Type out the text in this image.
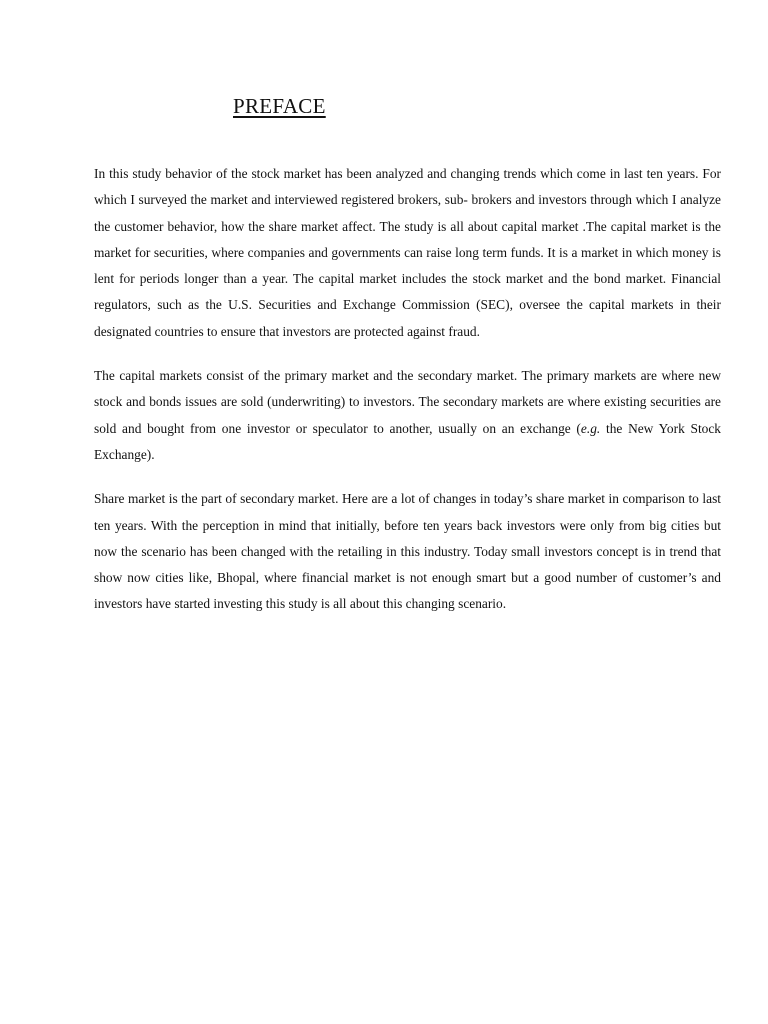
PREFACE

In this study behavior of the stock market has been analyzed and changing trends which come in last ten years. For which I surveyed the market and interviewed registered brokers, sub- brokers and investors through which I analyze the customer behavior, how the share market affect. The study is all about capital market .The capital market is the market for securities, where companies and governments can raise long term funds. It is a market in which money is lent for periods longer than a year. The capital market includes the stock market and the bond market. Financial regulators, such as the U.S. Securities and Exchange Commission (SEC), oversee the capital markets in their designated countries to ensure that investors are protected against fraud.

The capital markets consist of the primary market and the secondary market. The primary markets are where new stock and bonds issues are sold (underwriting) to investors. The secondary markets are where existing securities are sold and bought from one investor or speculator to another, usually on an exchange (e.g. the New York Stock Exchange).

Share market is the part of secondary market. Here are a lot of changes in today’s share market in comparison to last ten years. With the perception in mind that initially, before ten years back investors were only from big cities but now the scenario has been changed with the retailing in this industry. Today small investors concept is in trend that show now cities like, Bhopal, where financial market is not enough smart but a good number of customer’s and investors have started investing this study is all about this changing scenario.
